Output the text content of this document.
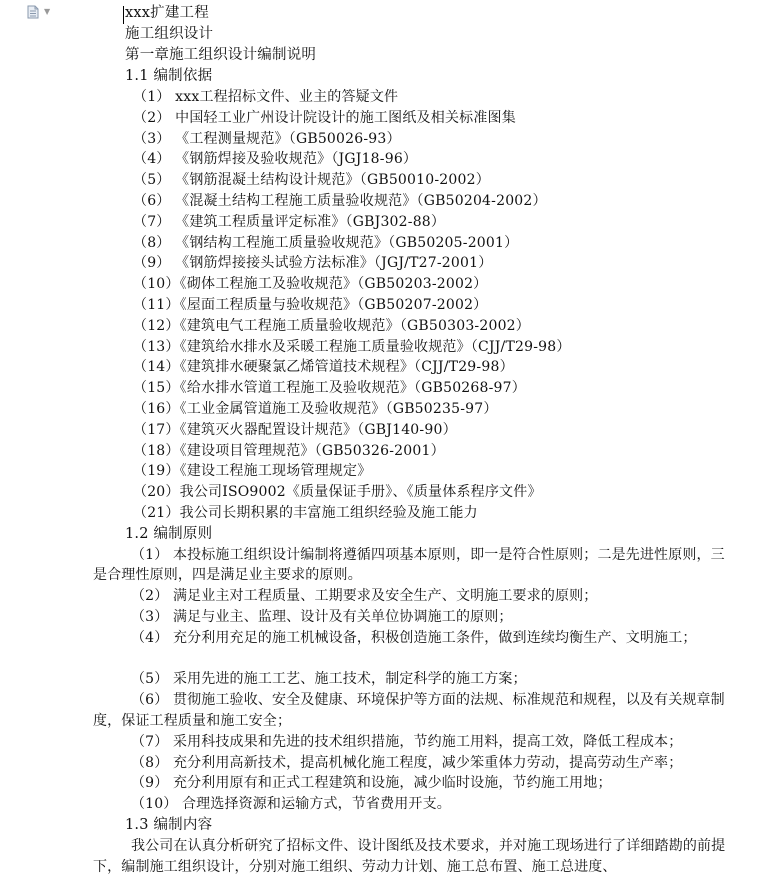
▼	xxx扩建工程
施工组织设计
第一章施工组织设计编制说明
1.1 编制依据
（1） xxx工程招标文件、业主的答疑文件
（2） 中国轻工业广州设计院设计的施工图纸及相关标准图集
（3） 《工程测量规范》（GB50026-93）
（4） 《钢筋焊接及验收规范》（JGJ18-96）
（5） 《钢筋混凝土结构设计规范》（GB50010-2002）
（6） 《混凝土结构工程施工质量验收规范》（GB50204-2002）
（7） 《建筑工程质量评定标准》（GBJ302-88）
（8） 《钢结构工程施工质量验收规范》（GB50205-2001）
（9） 《钢筋焊接接头试验方法标准》（JGJ/T27-2001）
（10）《砌体工程施工及验收规范》（GB50203-2002）
（11）《屋面工程质量与验收规范》（GB50207-2002）
（12）《建筑电气工程施工质量验收规范》（GB50303-2002）
（13）《建筑给水排水及采暖工程施工质量验收规范》（CJJ/T29-98）
（14）《建筑排水硬聚氯乙烯管道技术规程》（CJJ/T29-98）
（15）《给水排水管道工程施工及验收规范》（GB50268-97）
（16）《工业金属管道施工及验收规范》（GB50235-97）
（17）《建筑灭火器配置设计规范》（GBJ140-90）
（18）《建设项目管理规范》（GB50326-2001）
（19）《建设工程施工现场管理规定》
（20）我公司ISO9002《质量保证手册》、《质量体系程序文件》
（21）我公司长期积累的丰富施工组织经验及施工能力
1.2 编制原则
（1） 本投标施工组织设计编制将遵循四项基本原则，即一是符合性原则；二是先进性原则，三是合理性原则，四是满足业主要求的原则。
（2） 满足业主对工程质量、工期要求及安全生产、文明施工要求的原则；
（3） 满足与业主、监理、设计及有关单位协调施工的原则；
（4） 充分利用充足的施工机械设备，积极创造施工条件，做到连续均衡生产、文明施工；
（5） 采用先进的施工工艺、施工技术，制定科学的施工方案；
（6） 贯彻施工验收、安全及健康、环境保护等方面的法规、标准规范和规程，以及有关规章制度，保证工程质量和施工安全；
（7） 采用科技成果和先进的技术组织措施，节约施工用料，提高工效，降低工程成本；
（8） 充分利用高新技术，提高机械化施工程度，减少笨重体力劳动，提高劳动生产率；
（9） 充分利用原有和正式工程建筑和设施，减少临时设施，节约施工用地；
（10） 合理选择资源和运输方式，节省费用开支。
1.3 编制内容
我公司在认真分析研究了招标文件、设计图纸及技术要求，并对施工现场进行了详细踏勘的前提下，编制施工组织设计，分别对施工组织、劳动力计划、施工总布置、施工总进度、
